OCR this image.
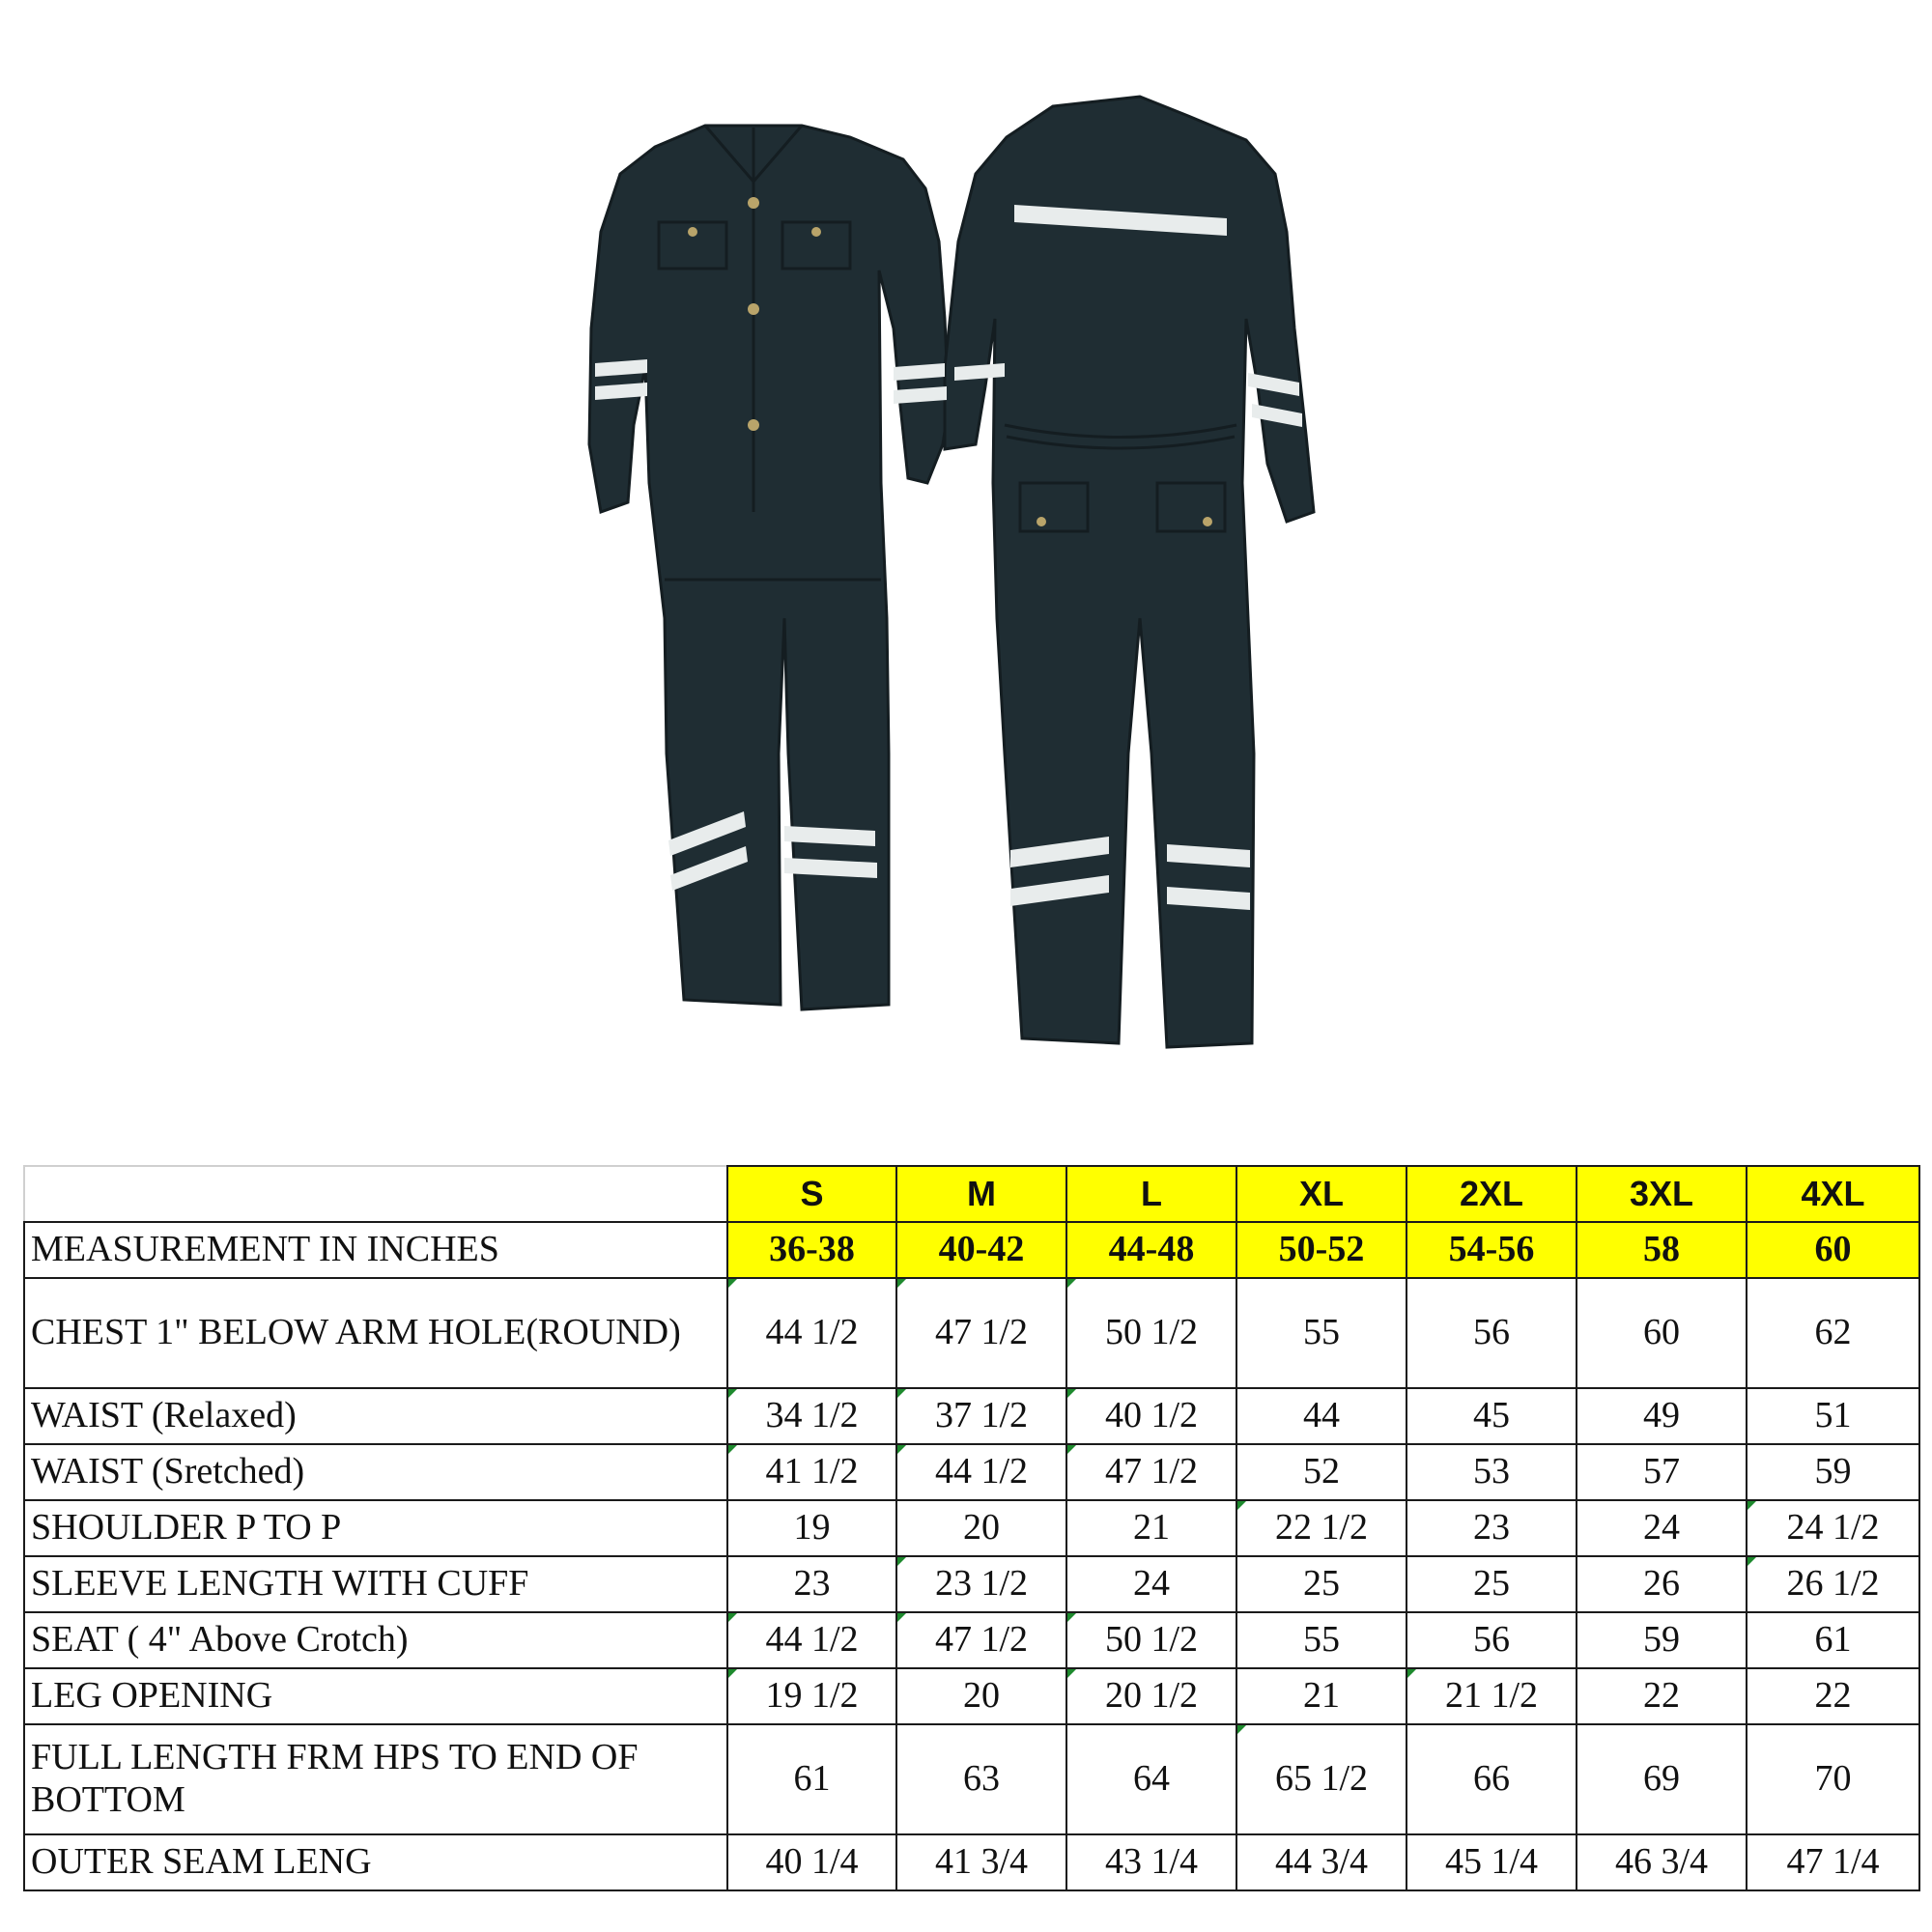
	S	M	L	XL	2XL	3XL	4XL
MEASUREMENT IN INCHES	36-38	40-42	44-48	50-52	54-56	58	60
CHEST 1" BELOW ARM HOLE(ROUND)	44 1/2	47 1/2	50 1/2	55	56	60	62
WAIST (Relaxed)	34 1/2	37 1/2	40 1/2	44	45	49	51
WAIST (Sretched)	41 1/2	44 1/2	47 1/2	52	53	57	59
SHOULDER P TO P	19	20	21	22 1/2	23	24	24 1/2
SLEEVE LENGTH WITH CUFF	23	23 1/2	24	25	25	26	26 1/2
SEAT ( 4" Above Crotch)	44 1/2	47 1/2	50 1/2	55	56	59	61
LEG OPENING	19 1/2	20	20 1/2	21	21 1/2	22	22
FULL LENGTH FRM HPS TO END OF BOTTOM	61	63	64	65 1/2	66	69	70
OUTER SEAM LENG	40 1/4	41 3/4	43 1/4	44 3/4	45 1/4	46 3/4	47 1/4
